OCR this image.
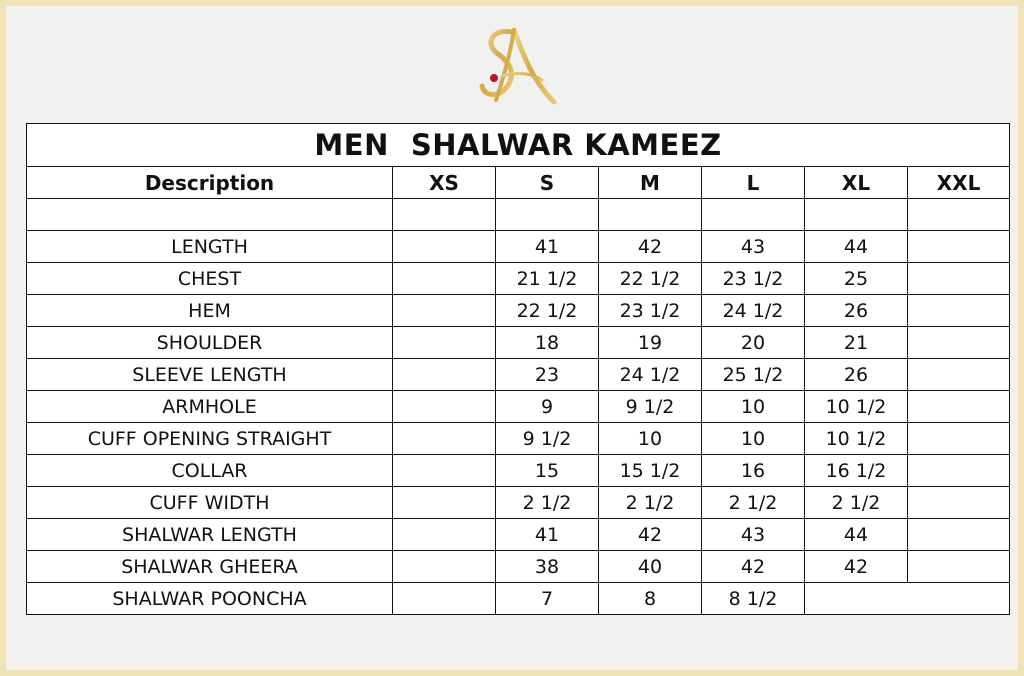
MEN SHALWAR KAMEEZ						
Description	XS	S	M	L	XL	XXL

LENGTH		41	42	43	44	
CHEST		21 1/2	22 1/2	23 1/2	25	
HEM		22 1/2	23 1/2	24 1/2	26	
SHOULDER		18	19	20	21	
SLEEVE LENGTH		23	24 1/2	25 1/2	26	
ARMHOLE		9	9 1/2	10	10 1/2	
CUFF OPENING STRAIGHT		9 1/2	10	10	10 1/2	
COLLAR		15	15 1/2	16	16 1/2	
CUFF WIDTH		2 1/2	2 1/2	2 1/2	2 1/2	
SHALWAR LENGTH		41	42	43	44	
SHALWAR GHEERA		38	40	42	42	
SHALWAR POONCHA		7	8	8 1/2		
